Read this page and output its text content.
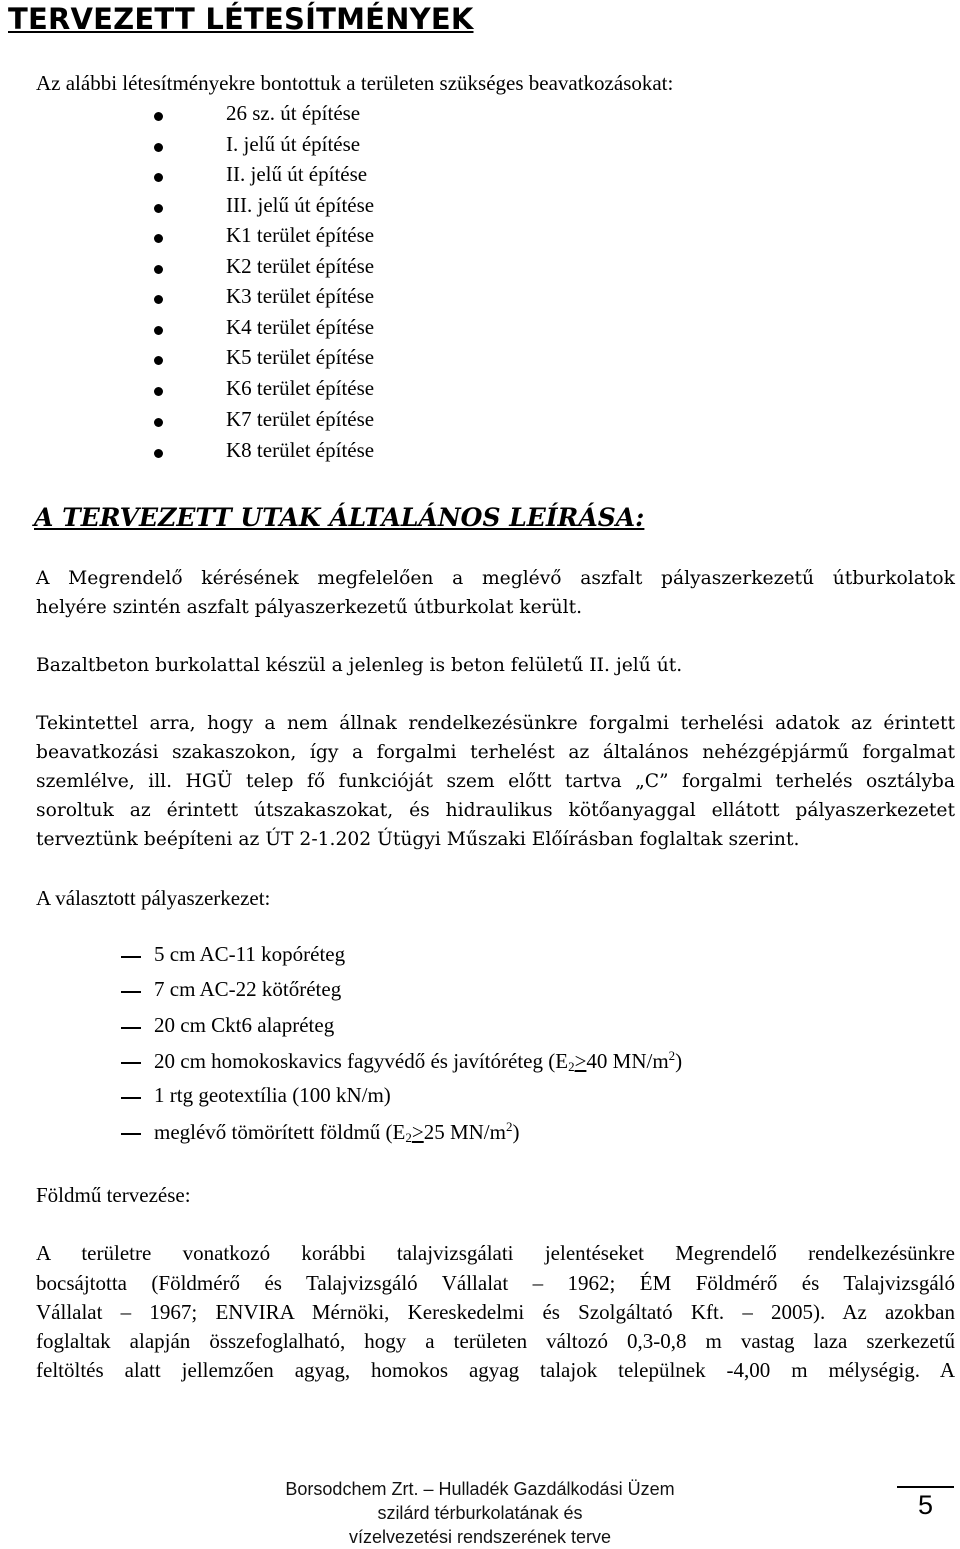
TERVEZETT LÉTESÍTMÉNYEK
Az alábbi létesítményekre bontottuk a területen szükséges beavatkozásokat:
26 sz. út építése
I. jelű út építése
II. jelű út építése
III. jelű út építése
K1 terület építése
K2 terület építése
K3 terület építése
K4 terület építése
K5 terület építése
K6 terület építése
K7 terület építése
K8 terület építése
A TERVEZETT UTAK ÁLTALÁNOS LEÍRÁSA:
A Megrendelő kérésének megfelelően a meglévő aszfalt pályaszerkezetű útburkolatok
helyére szintén aszfalt pályaszerkezetű útburkolat került.
Bazaltbeton burkolattal készül a jelenleg is beton felületű II. jelű út.
Tekintettel arra, hogy a nem állnak rendelkezésünkre forgalmi terhelési adatok az érintett
beavatkozási szakaszokon, így a forgalmi terhelést az általános nehézgépjármű forgalmat
szemlélve, ill. HGÜ telep fő funkcióját szem előtt tartva „C” forgalmi terhelés osztályba
soroltuk az érintett útszakaszokat, és hidraulikus kötőanyaggal ellátott pályaszerkezetet
terveztünk beépíteni az ÚT 2-1.202 Útügyi Műszaki Előírásban foglaltak szerint.
A választott pályaszerkezet:
5 cm AC-11 kopóréteg
7 cm AC-22 kötőréteg
20 cm Ckt6 alapréteg
20 cm homokoskavics fagyvédő és javítóréteg ($E_2>40$ $MN/m^2$)
1 rtg geotextília (100 kN/m)
meglévő tömörített földmű ($E_2>25$ $MN/m^2$)
Földmű tervezése:
A területre vonatkozó korábbi talajvizsgálati jelentéseket Megrendelő rendelkezésünkre
bocsájtotta (Földmérő és Talajvizsgáló Vállalat – 1962; ÉM Földmérő és Talajvizsgáló
Vállalat – 1967; ENVIRA Mérnöki, Kereskedelmi és Szolgáltató Kft. – 2005). Az azokban
foglaltak alapján összefoglalható, hogy a területen változó 0,3-0,8 m vastag laza szerkezetű
feltöltés alatt jellemzően agyag, homokos agyag talajok települnek -4,00 m mélységig. A
Borsodchem Zrt. – Hulladék Gazdálkodási Üzem
szilárd térburkolatának és
vízelvezetési rendszerének terve
5
